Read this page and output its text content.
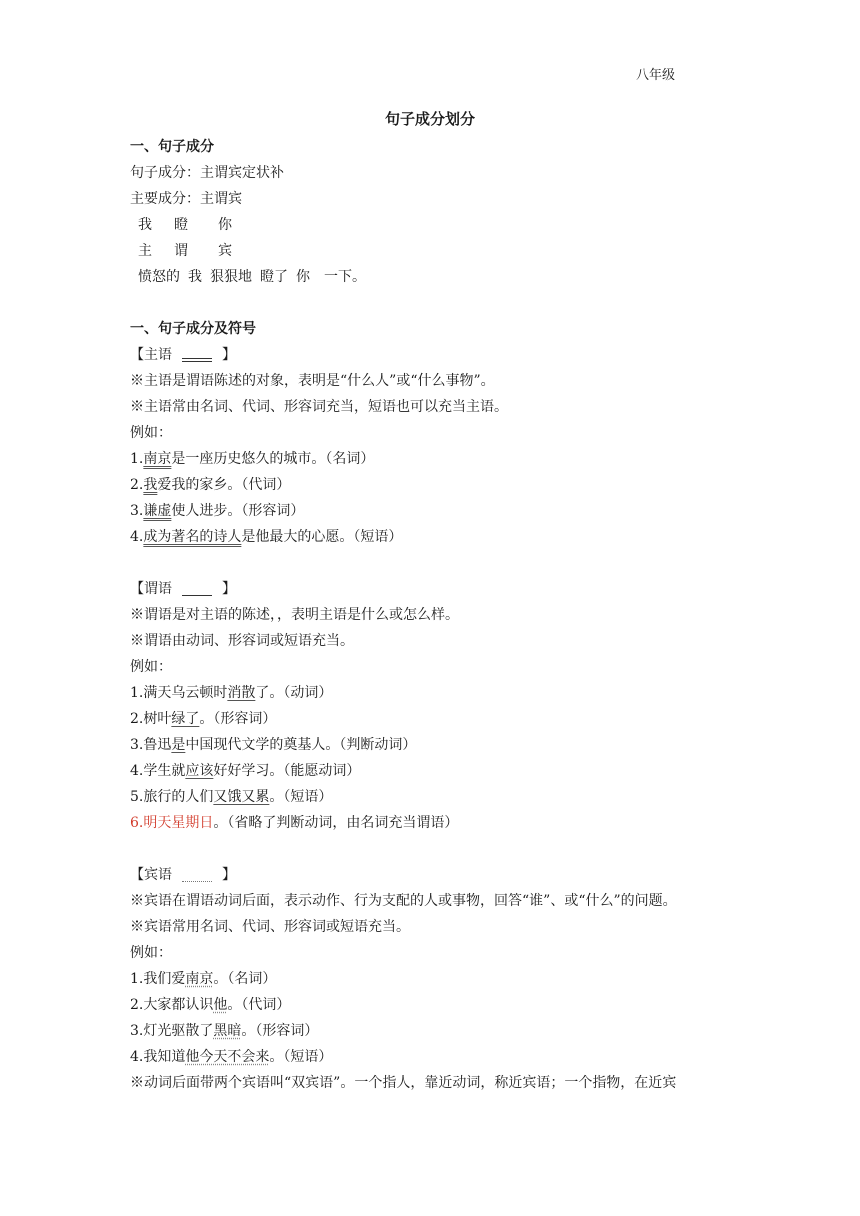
八年级
句子成分划分
一、句子成分
句子成分：主谓宾定状补
主要成分：主谓宾
我 瞪 你
主 谓 宾
愤怒的 我 狠狠地 瞪了 你 一下。
一、句子成分及符号
【主语	】
※主语是谓语陈述的对象，表明是“什么人”或“什么事物”。
※主语常由名词、代词、形容词充当，短语也可以充当主语。
例如：
1.南京是一座历史悠久的城市。（名词）
2.我爱我的家乡。（代词）
3.谦虚使人进步。（形容词）
4.成为著名的诗人是他最大的心愿。（短语）
【谓语	】
※谓语是对主语的陈述，，表明主语是什么或怎么样。
※谓语由动词、形容词或短语充当。
例如：
1.满天乌云顿时消散了。（动词）
2.树叶绿了。（形容词）
3.鲁迅是中国现代文学的奠基人。（判断动词）
4.学生就应该好好学习。（能愿动词）
5.旅行的人们又饿又累。（短语）
6.明天星期日。（省略了判断动词，由名词充当谓语）
【宾语	】
※宾语在谓语动词后面，表示动作、行为支配的人或事物，回答“谁”、或“什么”的问题。
※宾语常用名词、代词、形容词或短语充当。
例如：
1.我们爱南京。（名词）
2.大家都认识他。（代词）
3.灯光驱散了黑暗。（形容词）
4.我知道他今天不会来。（短语）
※动词后面带两个宾语叫“双宾语”。一个指人，靠近动词，称近宾语；一个指物，在近宾
